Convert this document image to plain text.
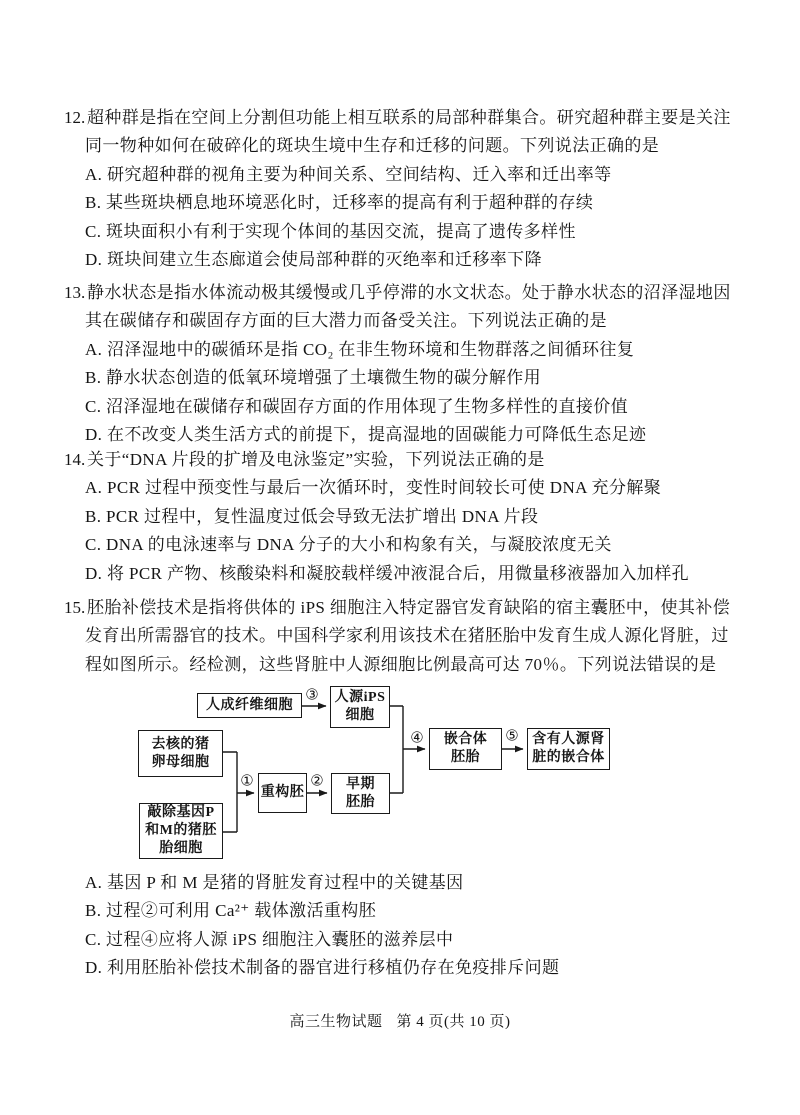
12. 超种群是指在空间上分割但功能上相互联系的局部种群集合。研究超种群主要是关注
同一物种如何在破碎化的斑块生境中生存和迁移的问题。下列说法正确的是
A. 研究超种群的视角主要为种间关系、空间结构、迁入率和迁出率等
B. 某些斑块栖息地环境恶化时，迁移率的提高有利于超种群的存续
C. 斑块面积小有利于实现个体间的基因交流，提高了遗传多样性
D. 斑块间建立生态廊道会使局部种群的灭绝率和迁移率下降
13. 静水状态是指水体流动极其缓慢或几乎停滞的水文状态。处于静水状态的沼泽湿地因
其在碳储存和碳固存方面的巨大潜力而备受关注。下列说法正确的是
A. 沼泽湿地中的碳循环是指 CO₂ 在非生物环境和生物群落之间循环往复
B. 静水状态创造的低氧环境增强了土壤微生物的碳分解作用
C. 沼泽湿地在碳储存和碳固存方面的作用体现了生物多样性的直接价值
D. 在不改变人类生活方式的前提下，提高湿地的固碳能力可降低生态足迹
14. 关于“DNA 片段的扩增及电泳鉴定”实验，下列说法正确的是
A. PCR 过程中预变性与最后一次循环时，变性时间较长可使 DNA 充分解聚
B. PCR 过程中，复性温度过低会导致无法扩增出 DNA 片段
C. DNA 的电泳速率与 DNA 分子的大小和构象有关，与凝胶浓度无关
D. 将 PCR 产物、核酸染料和凝胶载样缓冲液混合后，用微量移液器加入加样孔
15. 胚胎补偿技术是指将供体的 iPS 细胞注入特定器官发育缺陷的宿主囊胚中，使其补偿
发育出所需器官的技术。中国科学家利用该技术在猪胚胎中发育生成人源化肾脏，过
程如图所示。经检测，这些肾脏中人源细胞比例最高可达 70％。下列说法错误的是
人成纤维细胞	人源iPS
细胞
去核的猪
卵母细胞
敲除基因P
和M的猪胚
胎细胞
重构胚
早期
胚胎
嵌合体
胚胎
含有人源肾
脏的嵌合体
①	②
③
④	⑤
A. 基因 P 和 M 是猪的肾脏发育过程中的关键基因
B. 过程②可利用 Ca²⁺ 载体激活重构胚
C. 过程④应将人源 iPS 细胞注入囊胚的滋养层中
D. 利用胚胎补偿技术制备的器官进行移植仍存在免疫排斥问题
高三生物试题 第 4 页(共 10 页)
